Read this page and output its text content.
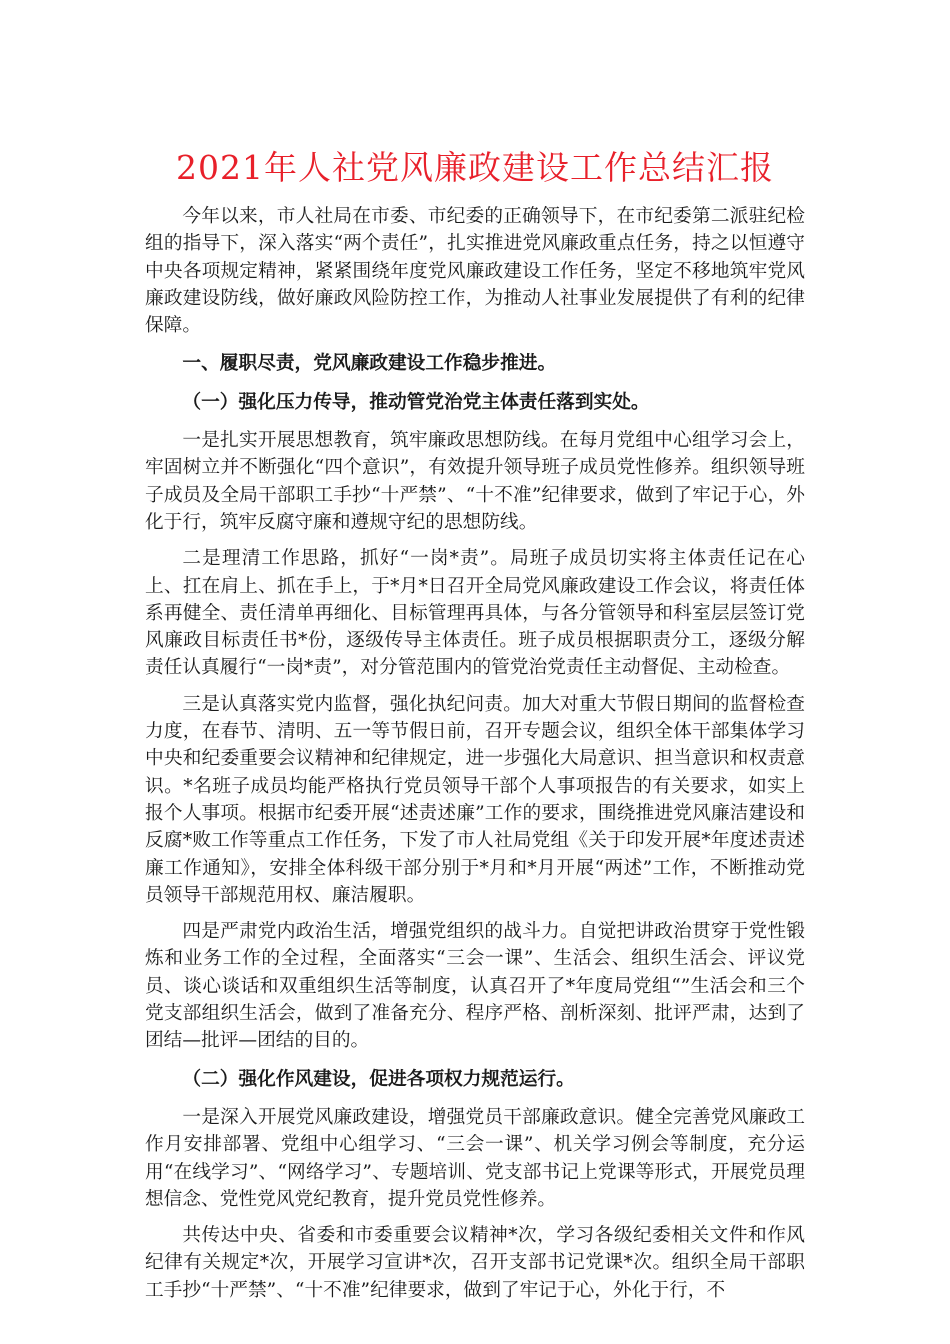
2021年人社党风廉政建设工作总结汇报

今年以来，市人社局在市委、市纪委的正确领导下，在市纪委第二派驻纪检组的指导下，深入落实“两个责任”，扎实推进党风廉政重点任务，持之以恒遵守中央各项规定精神，紧紧围绕年度党风廉政建设工作任务，坚定不移地筑牢党风廉政建设防线，做好廉政风险防控工作，为推动人社事业发展提供了有利的纪律保障。

一、履职尽责，党风廉政建设工作稳步推进。
（一）强化压力传导，推动管党治党主体责任落到实处。

一是扎实开展思想教育，筑牢廉政思想防线。在每月党组中心组学习会上，牢固树立并不断强化“四个意识”，有效提升领导班子成员党性修养。组织领导班子成员及全局干部职工手抄“十严禁”、“十不准”纪律要求，做到了牢记于心，外化于行，筑牢反腐守廉和遵规守纪的思想防线。

二是理清工作思路，抓好“一岗*责”。局班子成员切实将主体责任记在心上、扛在肩上、抓在手上，于*月*日召开全局党风廉政建设工作会议，将责任体系再健全、责任清单再细化、目标管理再具体，与各分管领导和科室层层签订党风廉政目标责任书*份，逐级传导主体责任。班子成员根据职责分工，逐级分解责任认真履行“一岗*责”，对分管范围内的管党治党责任主动督促、主动检查。

三是认真落实党内监督，强化执纪问责。加大对重大节假日期间的监督检查力度，在春节、清明、五一等节假日前，召开专题会议，组织全体干部集体学习中央和纪委重要会议精神和纪律规定，进一步强化大局意识、担当意识和权责意识。*名班子成员均能严格执行党员领导干部个人事项报告的有关要求，如实上报个人事项。根据市纪委开展“述责述廉”工作的要求，围绕推进党风廉洁建设和反腐*败工作等重点工作任务，下发了市人社局党组《关于印发开展*年度述责述廉工作通知》，安排全体科级干部分别于*月和*月开展“两述”工作，不断推动党员领导干部规范用权、廉洁履职。

四是严肃党内政治生活，增强党组织的战斗力。自觉把讲政治贯穿于党性锻炼和业务工作的全过程，全面落实“三会一课”、生活会、组织生活会、评议党员、谈心谈话和双重组织生活等制度，认真召开了*年度局党组“”生活会和三个党支部组织生活会，做到了准备充分、程序严格、剖析深刻、批评严肃，达到了团结—批评—团结的目的。

（二）强化作风建设，促进各项权力规范运行。

一是深入开展党风廉政建设，增强党员干部廉政意识。健全完善党风廉政工作月安排部署、党组中心组学习、“三会一课”、机关学习例会等制度，充分运用“在线学习”、“网络学习”、专题培训、党支部书记上党课等形式，开展党员理想信念、党性党风党纪教育，提升党员党性修养。

共传达中央、省委和市委重要会议精神*次，学习各级纪委相关文件和作风纪律有关规定*次，开展学习宣讲*次，召开支部书记党课*次。组织全局干部职工手抄“十严禁”、“十不准”纪律要求，做到了牢记于心，外化于行，不
